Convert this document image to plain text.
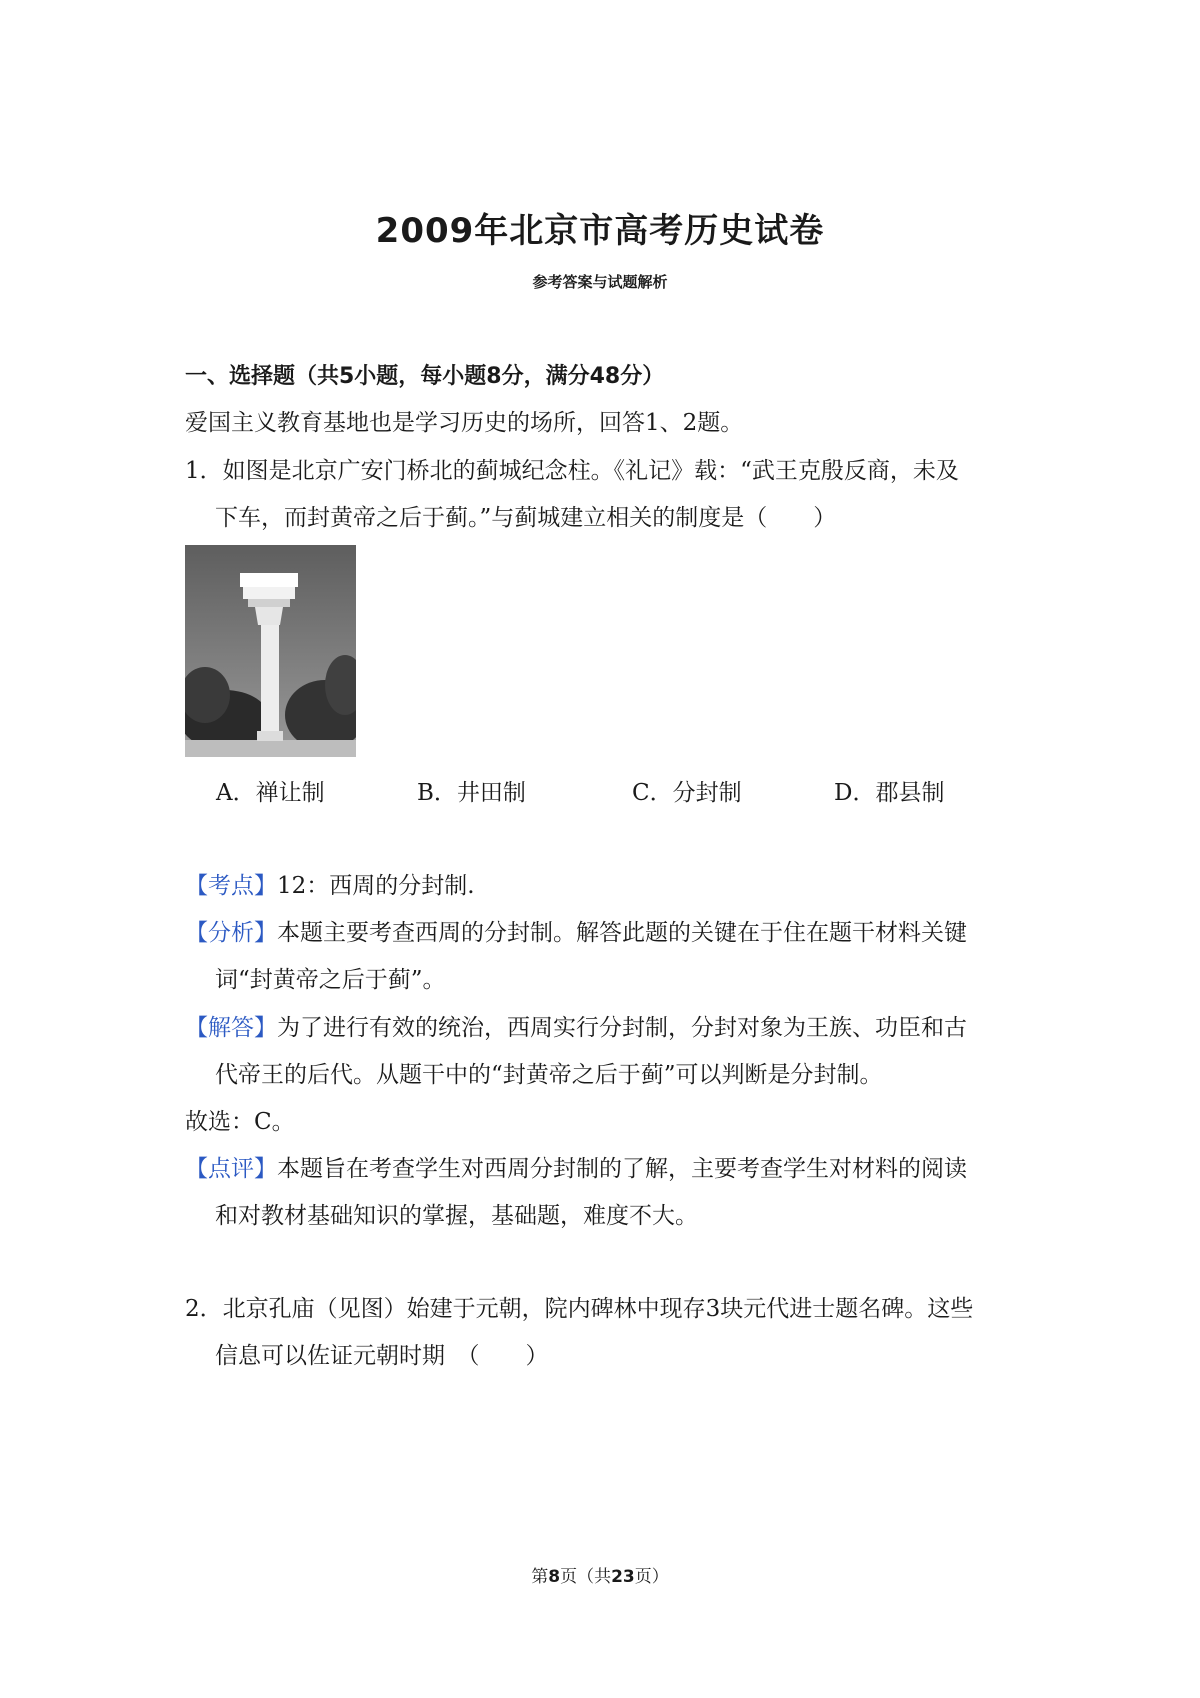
2009年北京市高考历史试卷
参考答案与试题解析
一、选择题（共5小题，每小题8分，满分48分）
爱国主义教育基地也是学习历史的场所，回答1、2题。
1．如图是北京广安门桥北的蓟城纪念柱。《礼记》载：“武王克殷反商，未及
下车，而封黄帝之后于蓟。”与蓟城建立相关的制度是（　　）
A．禅让制	B．井田制	C．分封制	D．郡县制
【考点】12：西周的分封制.
【分析】本题主要考查西周的分封制。解答此题的关键在于住在题干材料关键
词“封黄帝之后于蓟”。
【解答】为了进行有效的统治，西周实行分封制，分封对象为王族、功臣和古
代帝王的后代。从题干中的“封黄帝之后于蓟”可以判断是分封制。
故选：C。
【点评】本题旨在考查学生对西周分封制的了解，主要考查学生对材料的阅读
和对教材基础知识的掌握，基础题，难度不大。
2．北京孔庙（见图）始建于元朝，院内碑林中现存3块元代进士题名碑。这些
信息可以佐证元朝时期　（　　）
第8页（共23页）
